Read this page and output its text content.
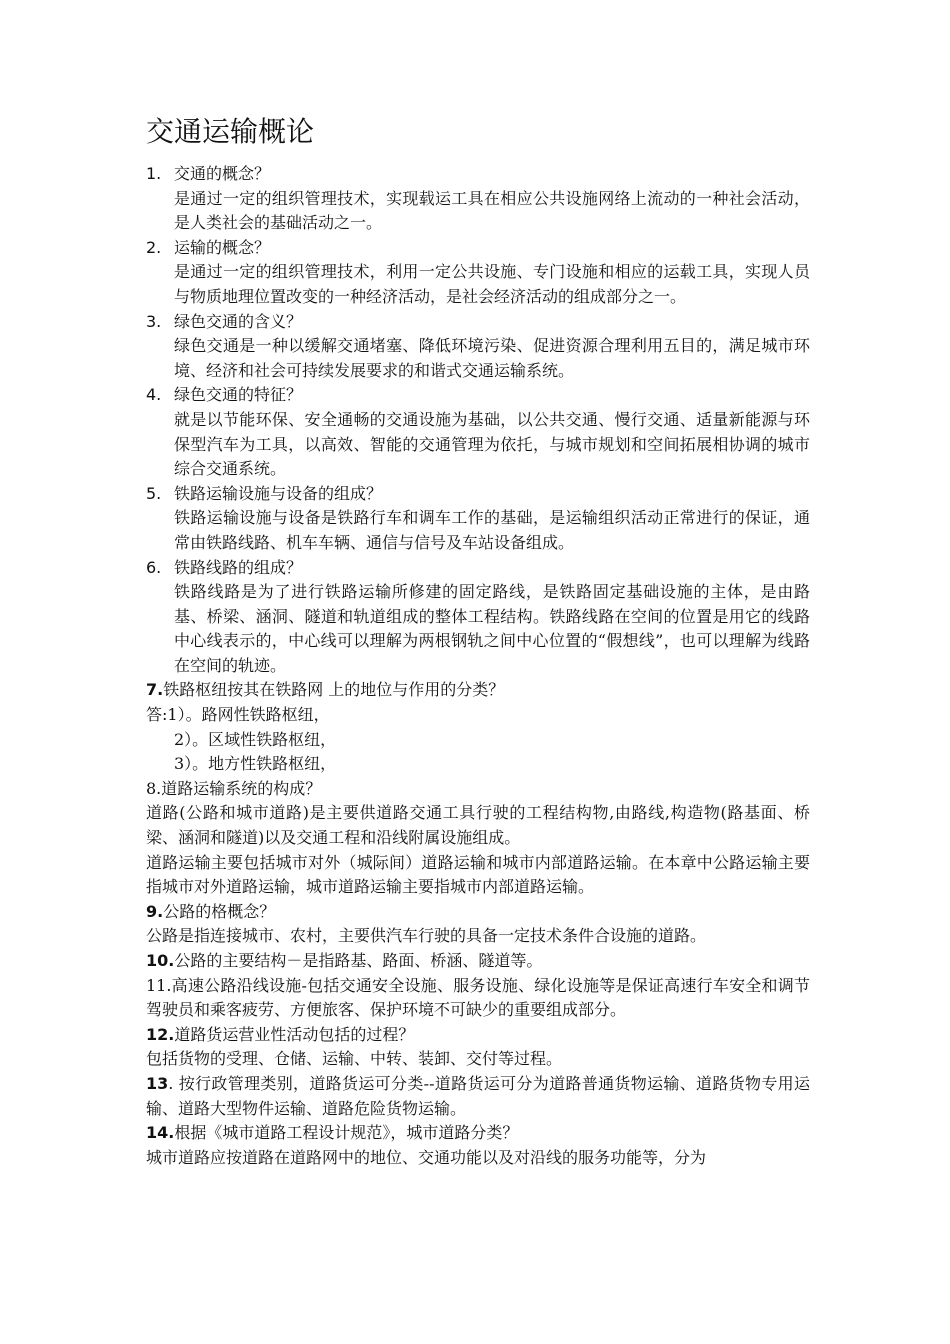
交通运输概论
1. 交通的概念？
是通过一定的组织管理技术，实现载运工具在相应公共设施网络上流动的一种社会活动，是人类社会的基础活动之一。
2. 运输的概念？
是通过一定的组织管理技术，利用一定公共设施、专门设施和相应的运载工具，实现人员与物质地理位置改变的一种经济活动，是社会经济活动的组成部分之一。
3. 绿色交通的含义？
绿色交通是一种以缓解交通堵塞、降低环境污染、促进资源合理利用五目的，满足城市环境、经济和社会可持续发展要求的和谐式交通运输系统。
4. 绿色交通的特征？
就是以节能环保、安全通畅的交通设施为基础，以公共交通、慢行交通、适量新能源与环保型汽车为工具，以高效、智能的交通管理为依托，与城市规划和空间拓展相协调的城市综合交通系统。
5. 铁路运输设施与设备的组成？
铁路运输设施与设备是铁路行车和调车工作的基础，是运输组织活动正常进行的保证，通常由铁路线路、机车车辆、通信与信号及车站设备组成。
6. 铁路线路的组成？
铁路线路是为了进行铁路运输所修建的固定路线，是铁路固定基础设施的主体，是由路基、桥梁、涵洞、隧道和轨道组成的整体工程结构。铁路线路在空间的位置是用它的线路中心线表示的，中心线可以理解为两根钢轨之间中心位置的“假想线”，也可以理解为线路在空间的轨迹。
7.铁路枢纽按其在铁路网 上的地位与作用的分类？
答:1）。路网性铁路枢纽，
2）。区域性铁路枢纽，
3）。地方性铁路枢纽，
8.道路运输系统的构成？
道路(公路和城市道路)是主要供道路交通工具行驶的工程结构物,由路线,构造物(路基面、桥梁、涵洞和隧道)以及交通工程和沿线附属设施组成。
道路运输主要包括城市对外（城际间）道路运输和城市内部道路运输。在本章中公路运输主要指城市对外道路运输，城市道路运输主要指城市内部道路运输。
9.公路的格概念？
公路是指连接城市、农村，主要供汽车行驶的具备一定技术条件合设施的道路。
10.公路的主要结构－是指路基、路面、桥涵、隧道等。
11.高速公路沿线设施-包括交通安全设施、服务设施、绿化设施等是保证高速行车安全和调节驾驶员和乘客疲劳、方便旅客、保护环境不可缺少的重要组成部分。
12.道路货运营业性活动包括的过程？
包括货物的受理、仓储、运输、中转、装卸、交付等过程。
13. 按行政管理类别，道路货运可分类--道路货运可分为道路普通货物运输、道路货物专用运输、道路大型物件运输、道路危险货物运输。
14.根据《城市道路工程设计规范》，城市道路分类？
城市道路应按道路在道路网中的地位、交通功能以及对沿线的服务功能等，分为
